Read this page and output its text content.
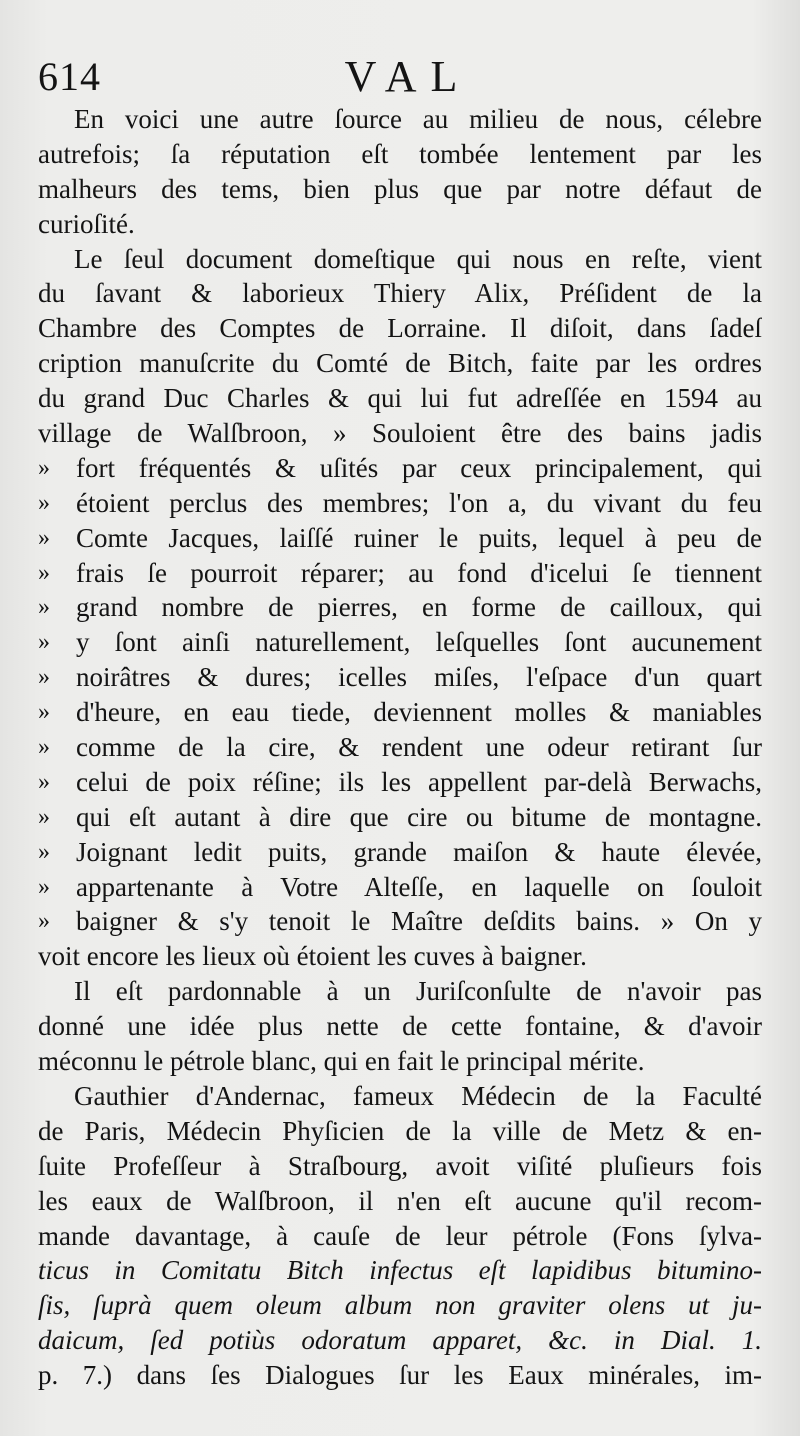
614	VAL
En voici une autre ſource au milieu de nous, célebre
autrefois; ſa réputation eſt tombée lentement par les
malheurs des tems, bien plus que par notre défaut de
curioſité.
Le ſeul document domeſtique qui nous en reſte, vient
du ſavant & laborieux Thiery Alix, Préſident de la
Chambre des Comptes de Lorraine. Il diſoit, dans ſadeſ
cription manuſcrite du Comté de Bitch, faite par les ordres
du grand Duc Charles & qui lui fut adreſſée en 1594 au
village de Walſbroon, » Souloient être des bains jadis
» fort fréquentés & uſités par ceux principalement, qui
» étoient perclus des membres; l'on a, du vivant du feu
» Comte Jacques, laiſſé ruiner le puits, lequel à peu de
» frais ſe pourroit réparer; au fond d'icelui ſe tiennent
» grand nombre de pierres, en forme de cailloux, qui
» y ſont ainſi naturellement, leſquelles ſont aucunement
» noirâtres & dures; icelles miſes, l'eſpace d'un quart
» d'heure, en eau tiede, deviennent molles & maniables
» comme de la cire, & rendent une odeur retirant ſur
» celui de poix réſine; ils les appellent par-delà Berwachs,
» qui eſt autant à dire que cire ou bitume de montagne.
» Joignant ledit puits, grande maiſon & haute élevée,
» appartenante à Votre Alteſſe, en laquelle on ſouloit
» baigner & s'y tenoit le Maître deſdits bains. » On y
voit encore les lieux où étoient les cuves à baigner.
Il eſt pardonnable à un Juriſconſulte de n'avoir pas
donné une idée plus nette de cette fontaine, & d'avoir
méconnu le pétrole blanc, qui en fait le principal mérite.
Gauthier d'Andernac, fameux Médecin de la Faculté
de Paris, Médecin Phyſicien de la ville de Metz & en-
ſuite Profeſſeur à Straſbourg, avoit viſité pluſieurs fois
les eaux de Walſbroon, il n'en eſt aucune qu'il recom-
mande davantage, à cauſe de leur pétrole (Fons ſylva-
ticus in Comitatu Bitch infectus eſt lapidibus bitumino-
ſis, ſuprà quem oleum album non graviter olens ut ju-
daicum, ſed potiùs odoratum apparet, &c. in Dial. 1.
p. 7.) dans ſes Dialogues ſur les Eaux minérales, im-
